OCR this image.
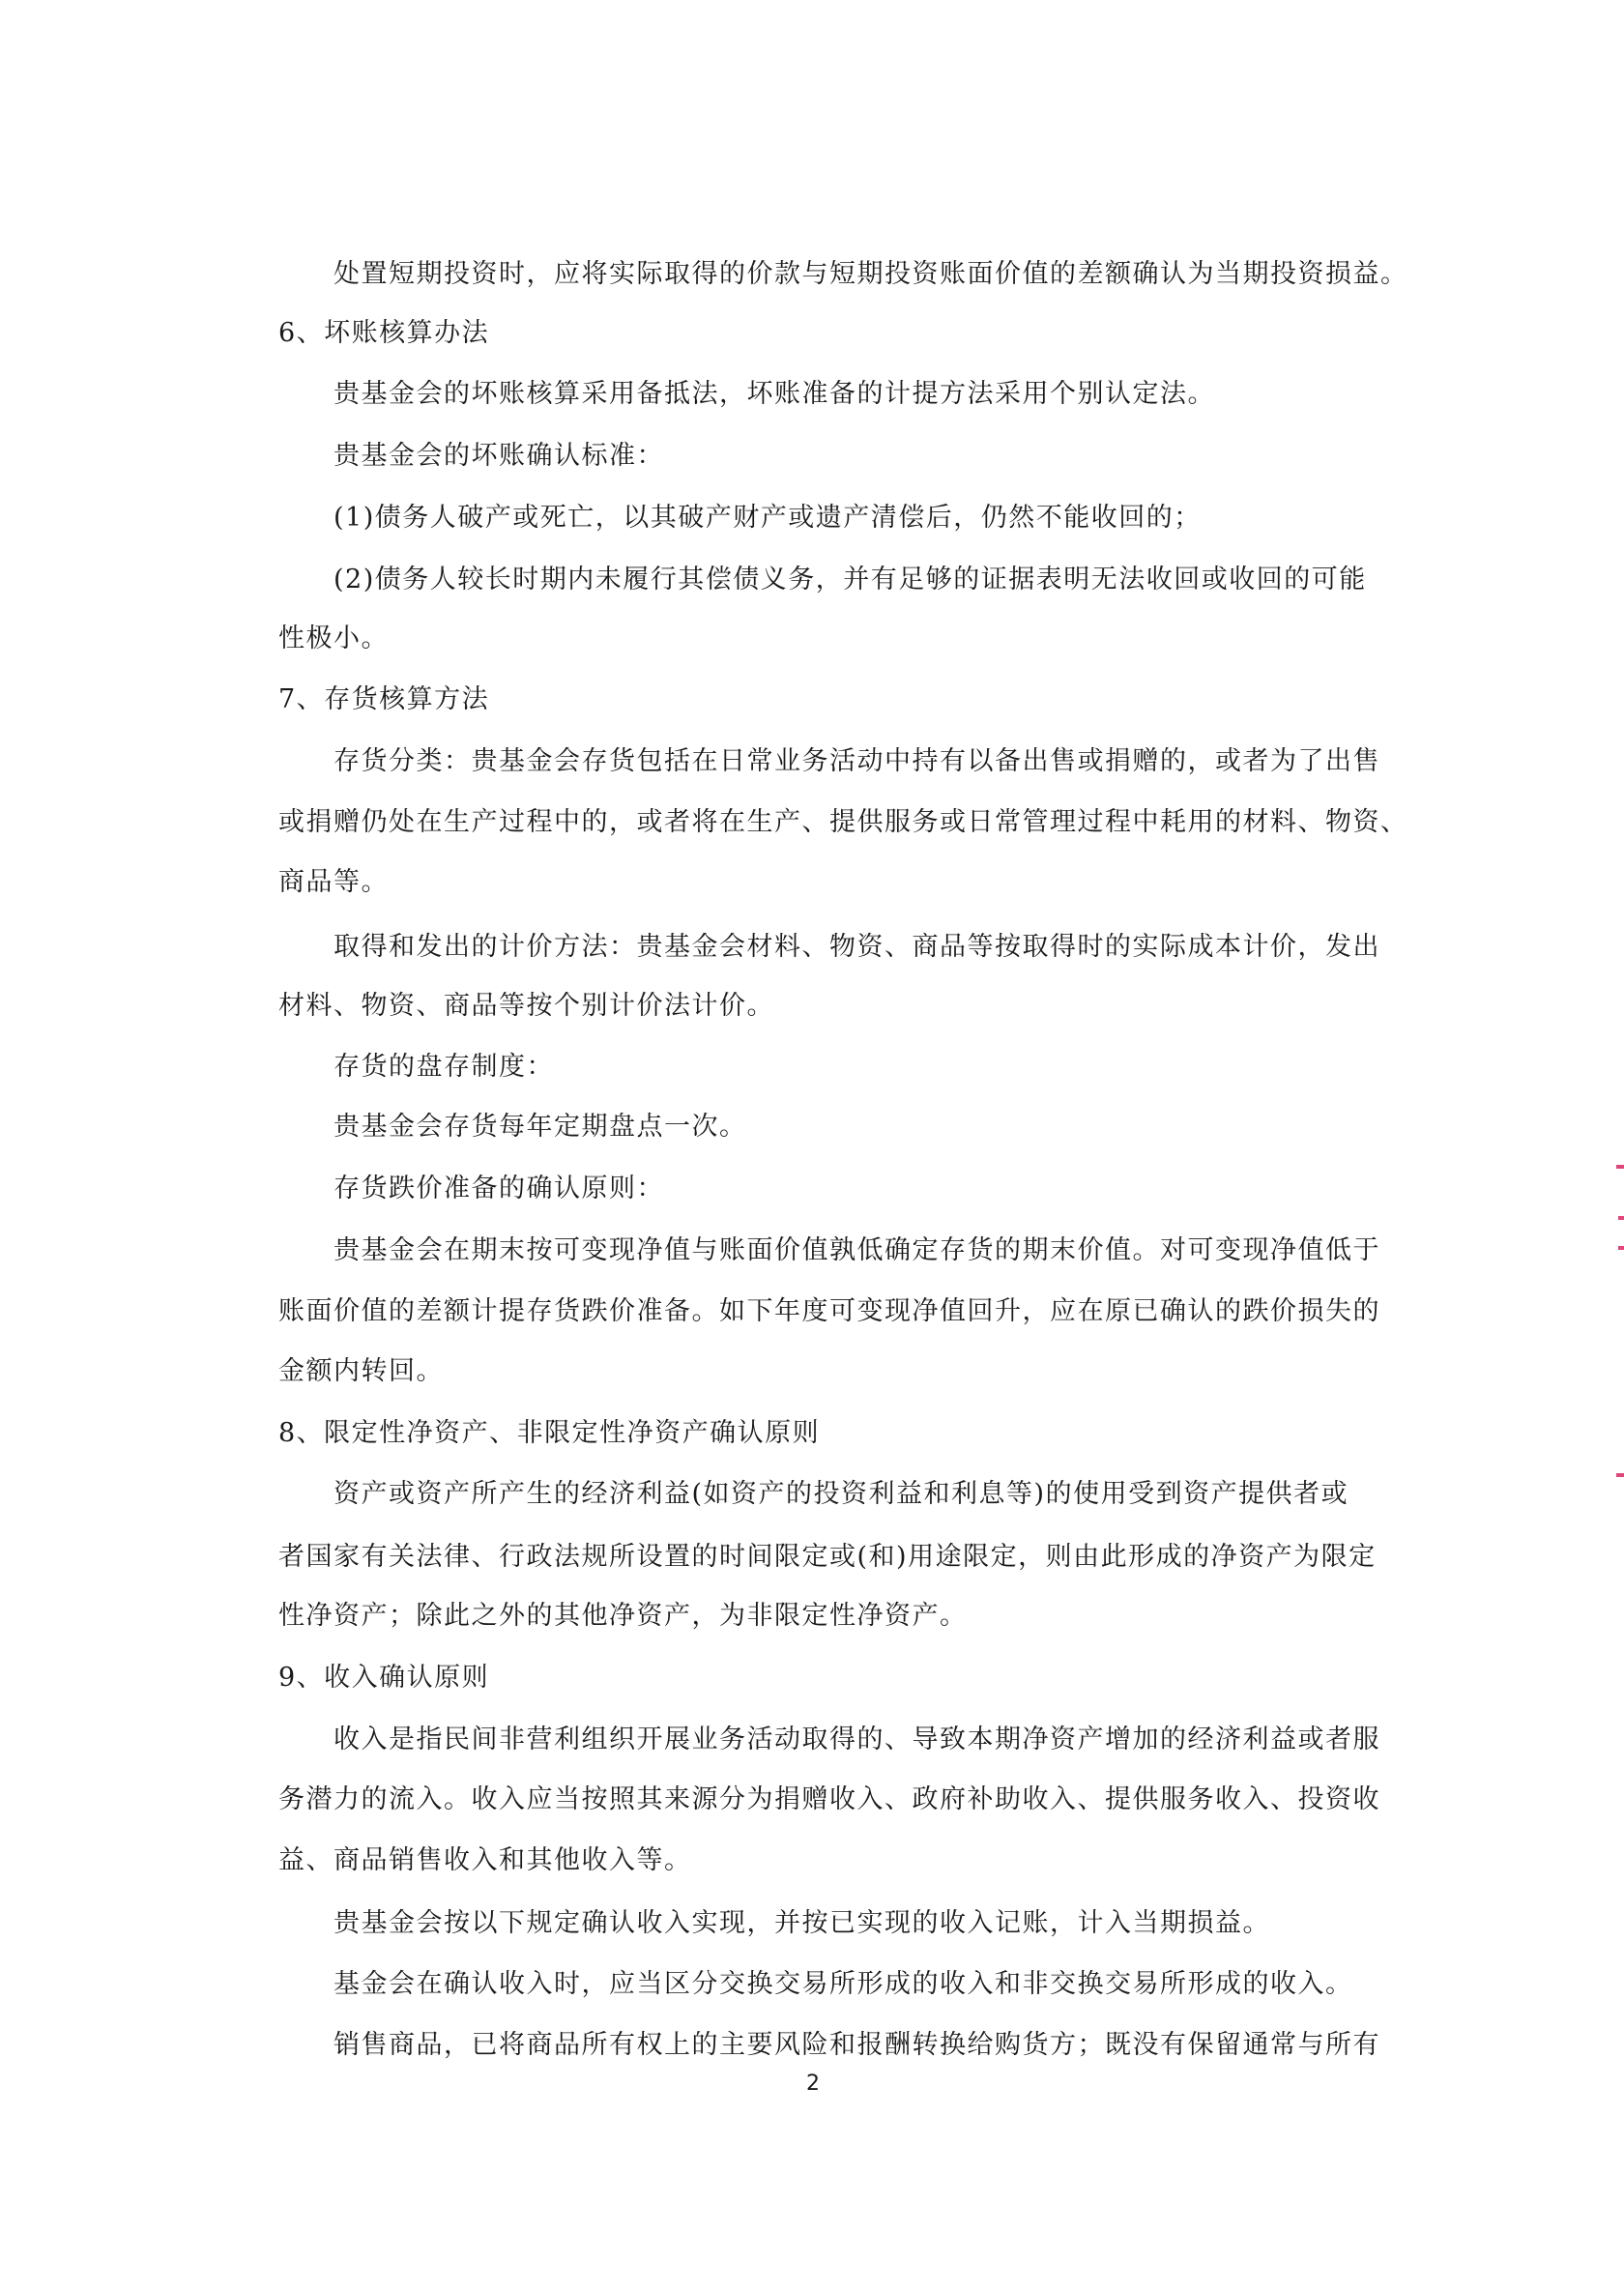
处置短期投资时，应将实际取得的价款与短期投资账面价值的差额确认为当期投资损益。
6、坏账核算办法
贵基金会的坏账核算采用备抵法，坏账准备的计提方法采用个别认定法。
贵基金会的坏账确认标准：
(1)债务人破产或死亡，以其破产财产或遗产清偿后，仍然不能收回的；
(2)债务人较长时期内未履行其偿债义务，并有足够的证据表明无法收回或收回的可能
性极小。
7、存货核算方法
存货分类：贵基金会存货包括在日常业务活动中持有以备出售或捐赠的，或者为了出售
或捐赠仍处在生产过程中的，或者将在生产、提供服务或日常管理过程中耗用的材料、物资、
商品等。
取得和发出的计价方法：贵基金会材料、物资、商品等按取得时的实际成本计价，发出
材料、物资、商品等按个别计价法计价。
存货的盘存制度：
贵基金会存货每年定期盘点一次。
存货跌价准备的确认原则：
贵基金会在期末按可变现净值与账面价值孰低确定存货的期末价值。对可变现净值低于
账面价值的差额计提存货跌价准备。如下年度可变现净值回升，应在原已确认的跌价损失的
金额内转回。
8、限定性净资产、非限定性净资产确认原则
资产或资产所产生的经济利益(如资产的投资利益和利息等)的使用受到资产提供者或
者国家有关法律、行政法规所设置的时间限定或(和)用途限定，则由此形成的净资产为限定
性净资产；除此之外的其他净资产，为非限定性净资产。
9、收入确认原则
收入是指民间非营利组织开展业务活动取得的、导致本期净资产增加的经济利益或者服
务潜力的流入。收入应当按照其来源分为捐赠收入、政府补助收入、提供服务收入、投资收
益、商品销售收入和其他收入等。
贵基金会按以下规定确认收入实现，并按已实现的收入记账，计入当期损益。
基金会在确认收入时，应当区分交换交易所形成的收入和非交换交易所形成的收入。
销售商品，已将商品所有权上的主要风险和报酬转换给购货方；既没有保留通常与所有
2
